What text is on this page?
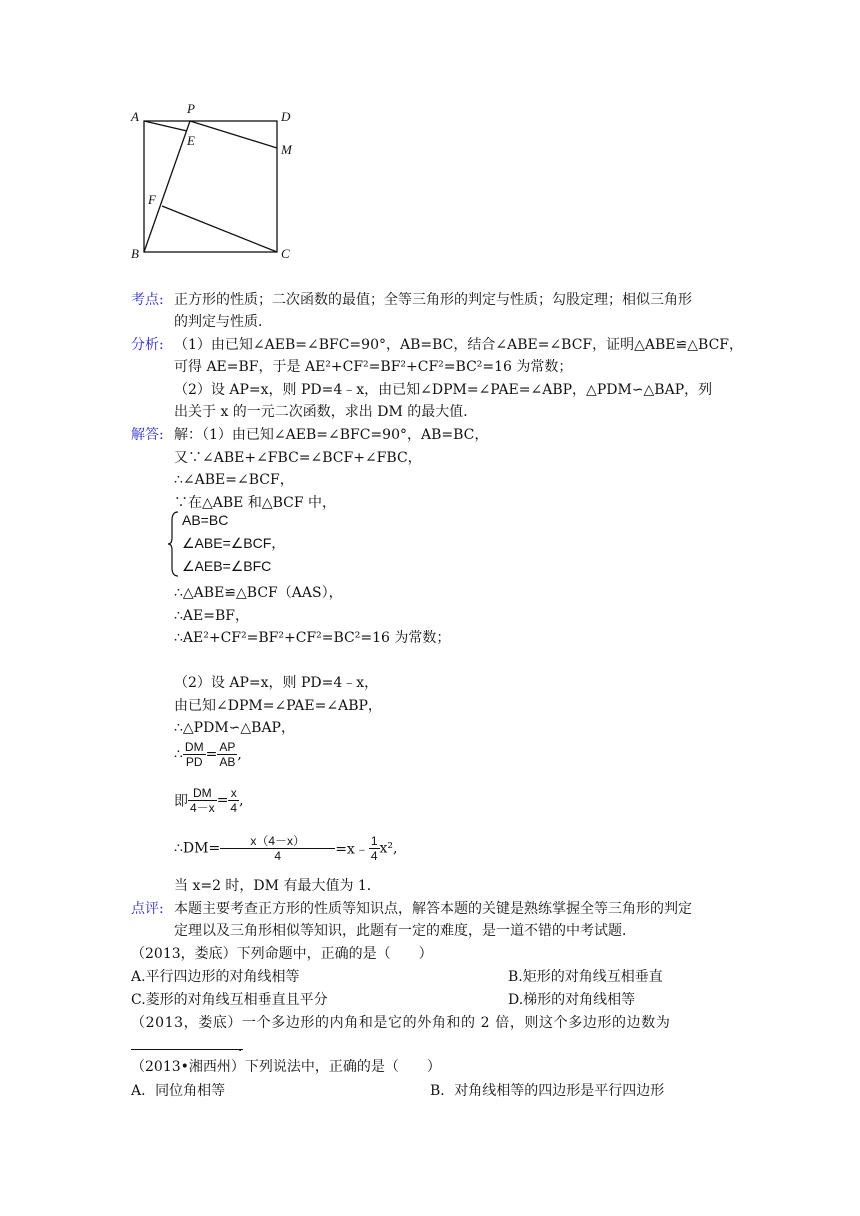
A
P
D
E
M
F
B	C
考点: 正方形的性质；二次函数的最值；全等三角形的判定与性质；勾股定理；相似三角形
的判定与性质．
分析: （1）由已知∠AEB=∠BFC=90°，AB=BC，结合∠ABE=∠BCF，证明△ABE≌△BCF，
可得 AE=BF，于是 AE²+CF²=BF²+CF²=BC²=16 为常数；
（2）设 AP=x，则 PD=4﹣x，由已知∠DPM=∠PAE=∠ABP，△PDM∽△BAP，列
出关于 x 的一元二次函数，求出 DM 的最大值．
解答: 解：（1）由已知∠AEB=∠BFC=90°，AB=BC，
又∵∠ABE+∠FBC=∠BCF+∠FBC，
∴∠ABE=∠BCF，
∵在△ABE 和△BCF 中，
AB=BC
∠ABE=∠BCF，
∠AEB=∠BFC
∴△ABE≌△BCF（AAS），
∴AE=BF，
∴AE²+CF²=BF²+CF²=BC²=16 为常数；
（2）设 AP=x，则 PD=4﹣x，
由已知∠DPM=∠PAE=∠ABP，
∴△PDM∽△BAP，
∴ $\frac{DM}{PD} = \frac{AP}{AB}$ ,
即 $\frac{DM}{4-x} = \frac{x}{4}$ ,
∴DM= $\frac{x(4-x)}{4}$ =x﹣ $\frac{1}{4} x^2$,
当 x=2 时，DM 有最大值为 1．
点评: 本题主要考查正方形的性质等知识点，解答本题的关键是熟练掌握全等三角形的判定
定理以及三角形相似等知识，此题有一定的难度，是一道不错的中考试题．
（2013，娄底）下列命题中，正确的是（　　）
A.平行四边形的对角线相等	B.矩形的对角线互相垂直
C.菱形的对角线互相垂直且平分	D.梯形的对角线相等
（2013，娄底）一个多边形的内角和是它的外角和的 2 倍，则这个多边形的边数为
．
（2013•湘西州）下列说法中，正确的是（　　）
A．同位角相等	B．对角线相等的四边形是平行四边形
